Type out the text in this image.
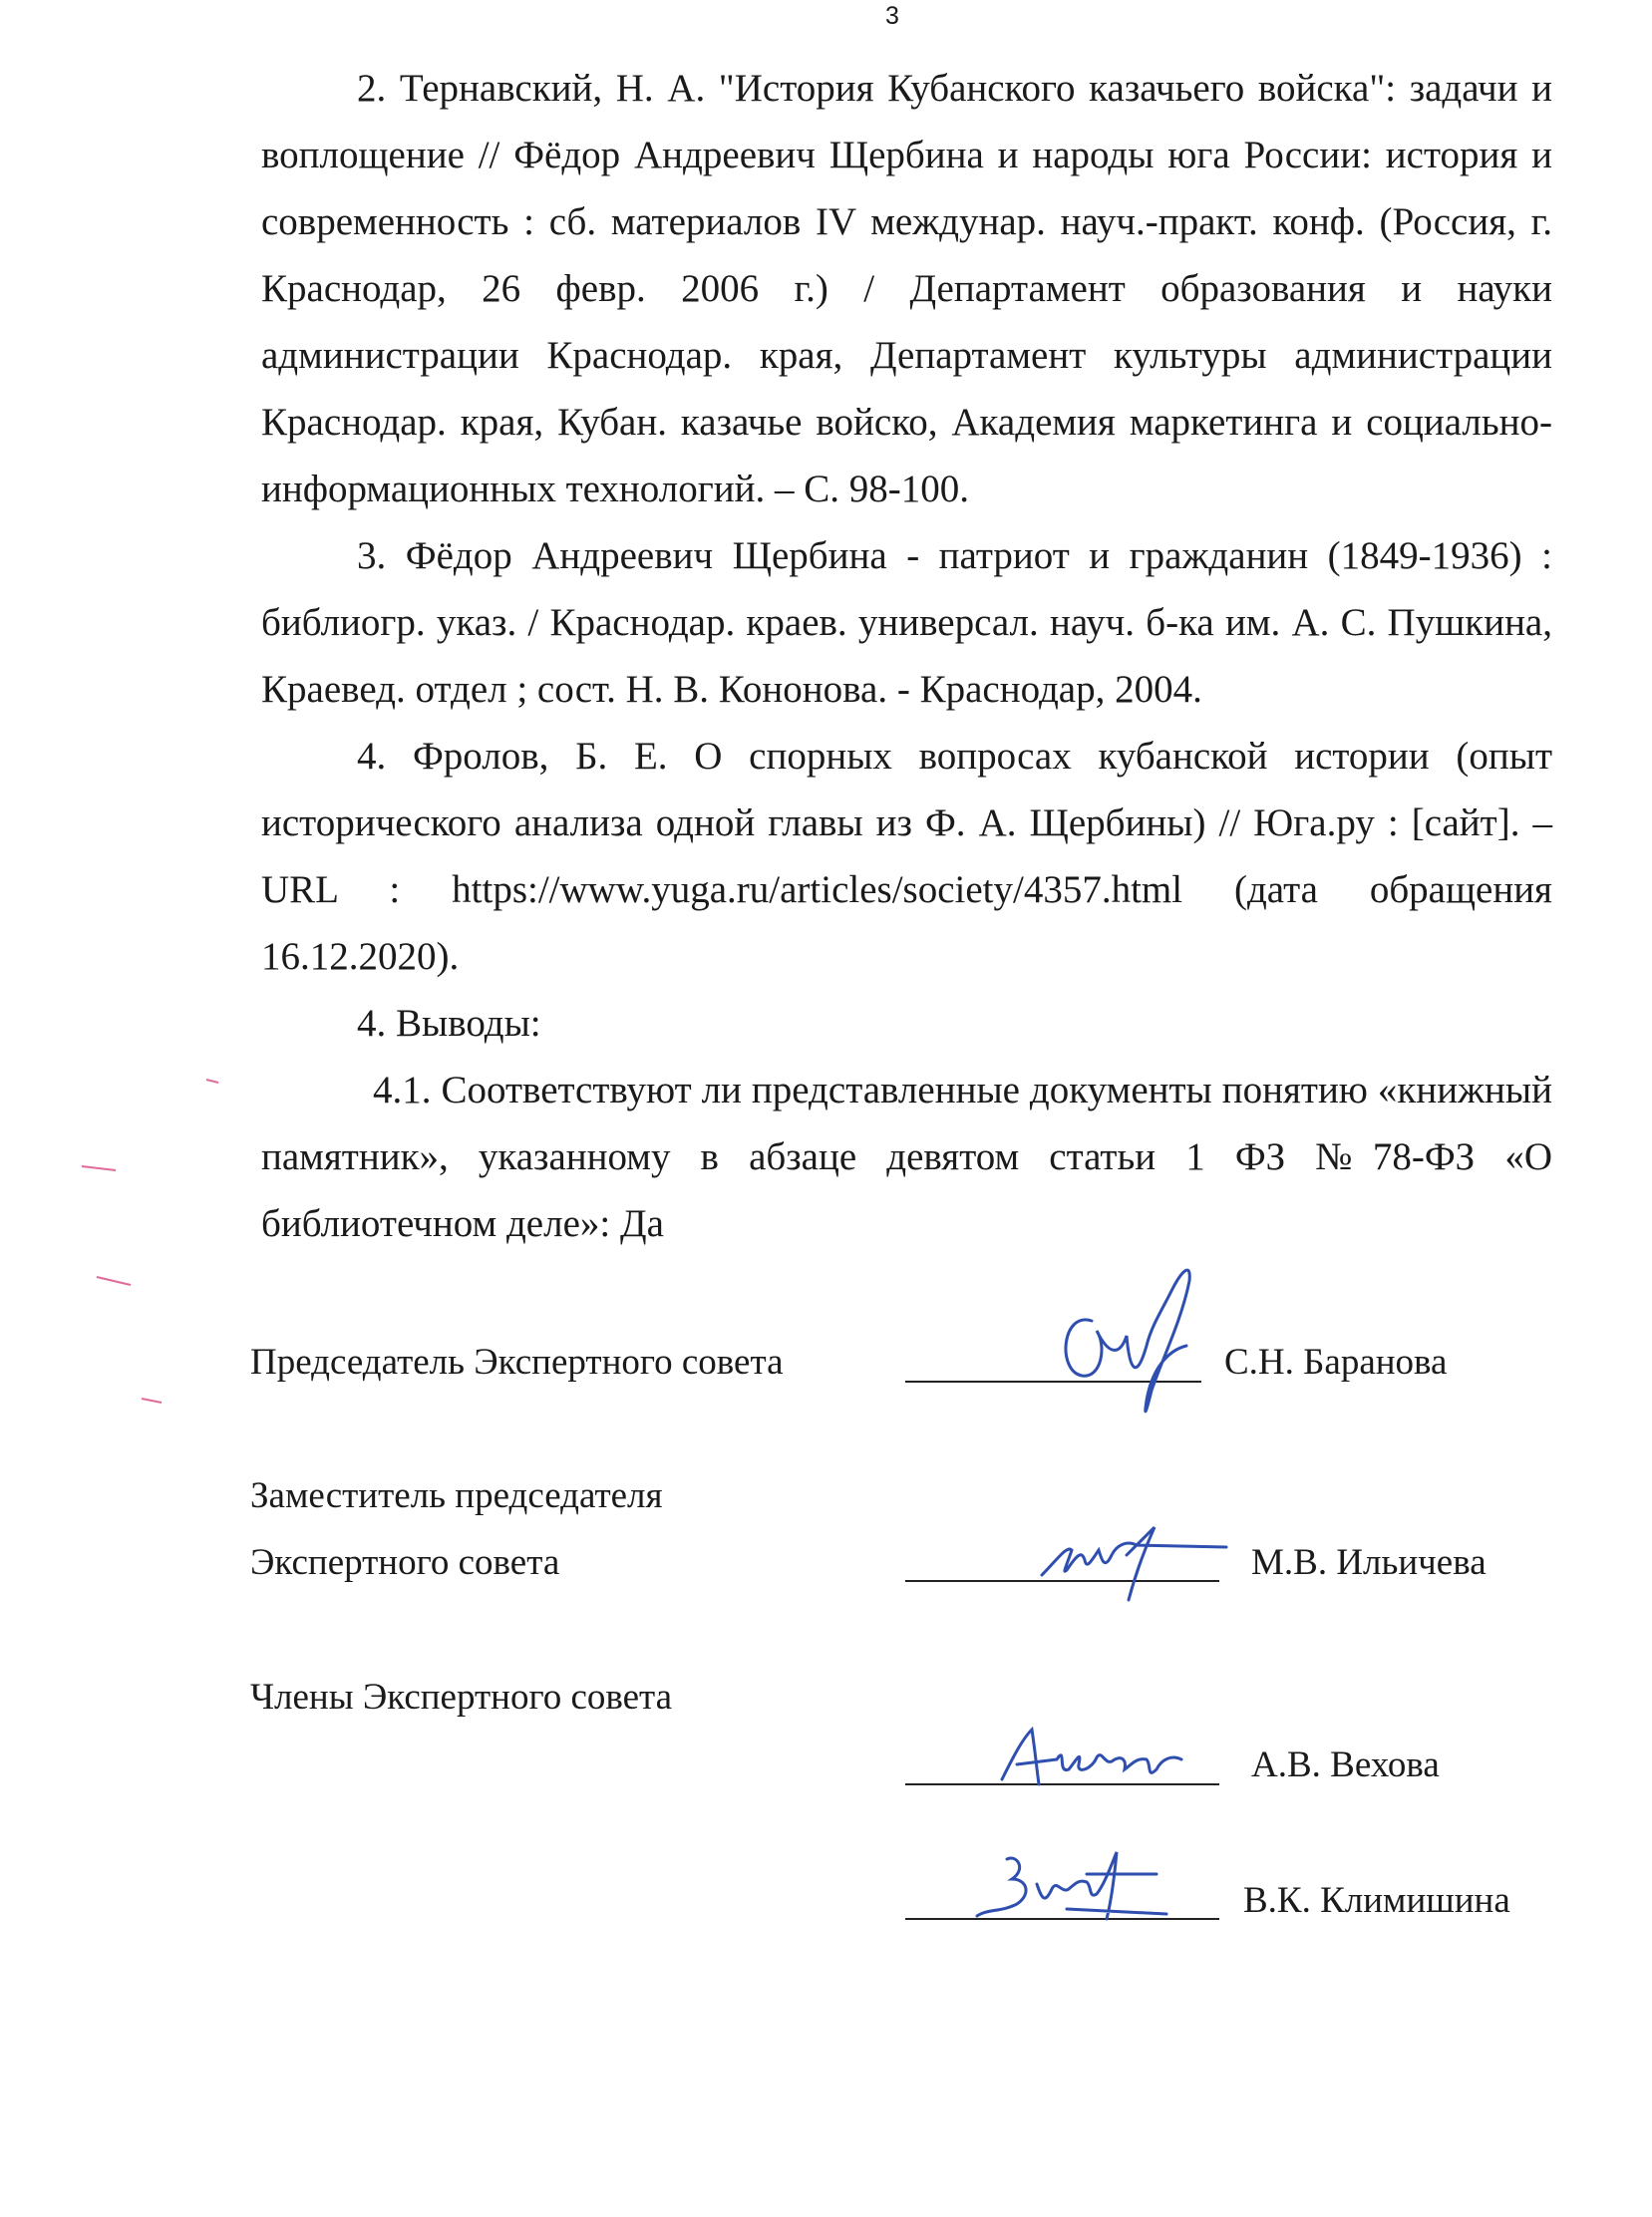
3

2. Тернавский, Н. А. "История Кубанского казачьего войска": задачи и воплощение // Фёдор Андреевич Щербина и народы юга России: история и современность : сб. материалов IV междунар. науч.-практ. конф. (Россия, г. Краснодар, 26 февр. 2006 г.) / Департамент образования и науки администрации Краснодар. края, Департамент культуры администрации Краснодар. края, Кубан. казачье войско, Академия маркетинга и социально-информационных технологий. – С. 98-100.

3. Фёдор Андреевич Щербина - патриот и гражданин (1849-1936) : библиогр. указ. / Краснодар. краев. универсал. науч. б-ка им. А. С. Пушкина, Краевед. отдел ; сост. Н. В. Кононова. - Краснодар, 2004.

4. Фролов, Б. Е. О спорных вопросах кубанской истории (опыт исторического анализа одной главы из Ф. А. Щербины) // Юга.ру : [сайт]. – URL : https://www.yuga.ru/articles/society/4357.html (дата обращения 16.12.2020).

4. Выводы:

4.1. Соответствуют ли представленные документы понятию «книжный памятник», указанному в абзаце девятом статьи 1 ФЗ №78-ФЗ «О библиотечном деле»: Да

Председатель Экспертного совета	С.Н. Баранова
Заместитель председателя
Экспертного совета	М.В. Ильичева
Члены Экспертного совета
А.В. Вехова
В.К. Климишина
